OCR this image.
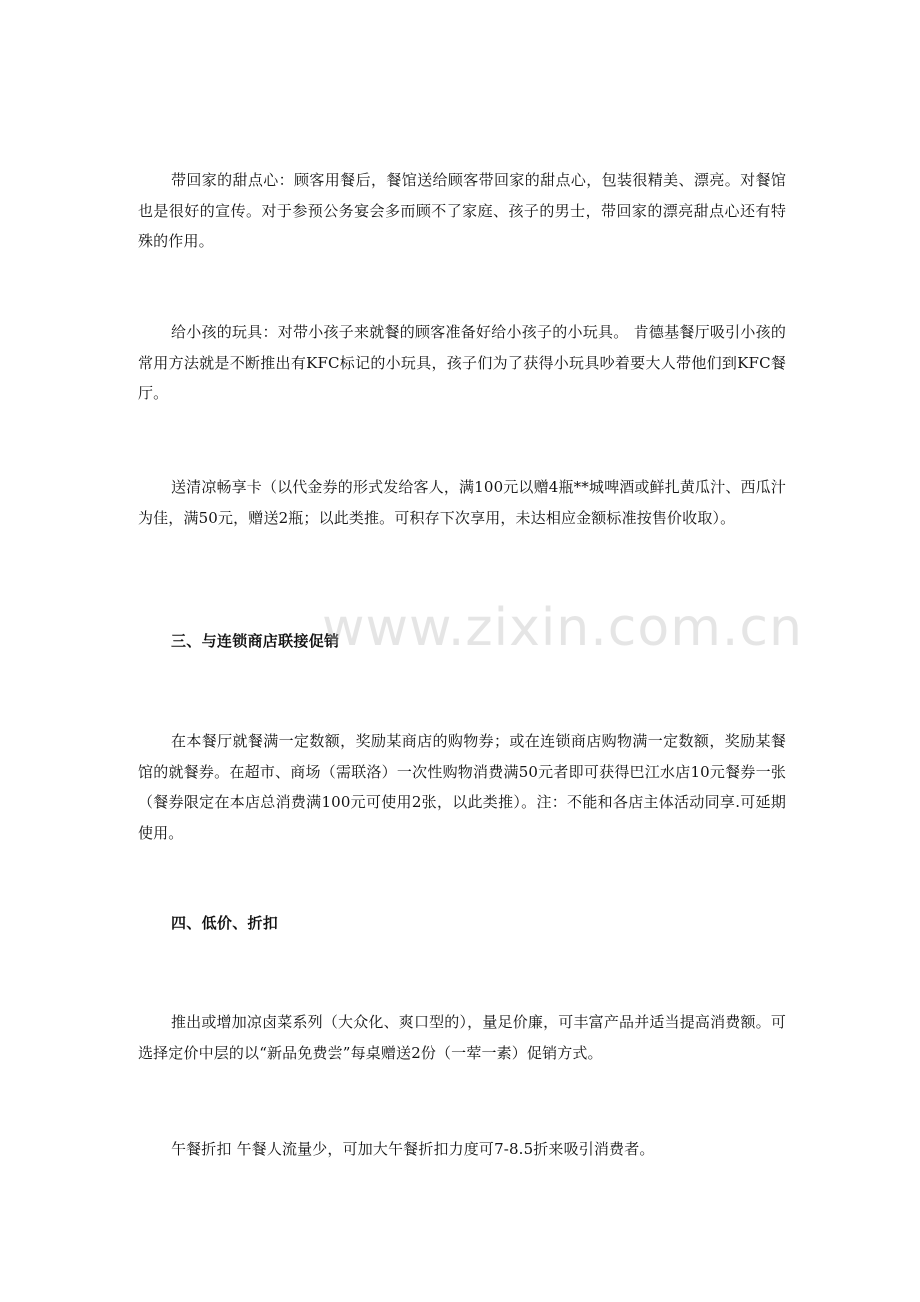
带回家的甜点心：顾客用餐后，餐馆送给顾客带回家的甜点心，包装很精美、漂亮。对餐馆也是很好的宣传。对于参预公务宴会多而顾不了家庭、孩子的男士，带回家的漂亮甜点心还有特殊的作用。

给小孩的玩具：对带小孩子来就餐的顾客准备好给小孩子的小玩具。 肯德基餐厅吸引小孩的常用方法就是不断推出有KFC标记的小玩具，孩子们为了获得小玩具吵着要大人带他们到KFC餐厅。

送清凉畅享卡（以代金券的形式发给客人，满100元以赠4瓶**城啤酒或鲜扎黄瓜汁、西瓜汁为佳，满50元，赠送2瓶；以此类推。可积存下次享用，未达相应金额标准按售价收取）。

三、与连锁商店联接促销

在本餐厅就餐满一定数额，奖励某商店的购物券；或在连锁商店购物满一定数额，奖励某餐馆的就餐券。在超市、商场（需联洛）一次性购物消费满50元者即可获得巴江水店10元餐券一张（餐券限定在本店总消费满100元可使用2张，以此类推）。注：不能和各店主体活动同享.可延期使用。

四、低价、折扣

推出或增加凉卤菜系列（大众化、爽口型的），量足价廉，可丰富产品并适当提高消费额。可选择定价中层的以“新品免费尝”每桌赠送2份（一荤一素）促销方式。

午餐折扣 午餐人流量少，可加大午餐折扣力度可7-8.5折来吸引消费者。

www.zixin.com.cn
